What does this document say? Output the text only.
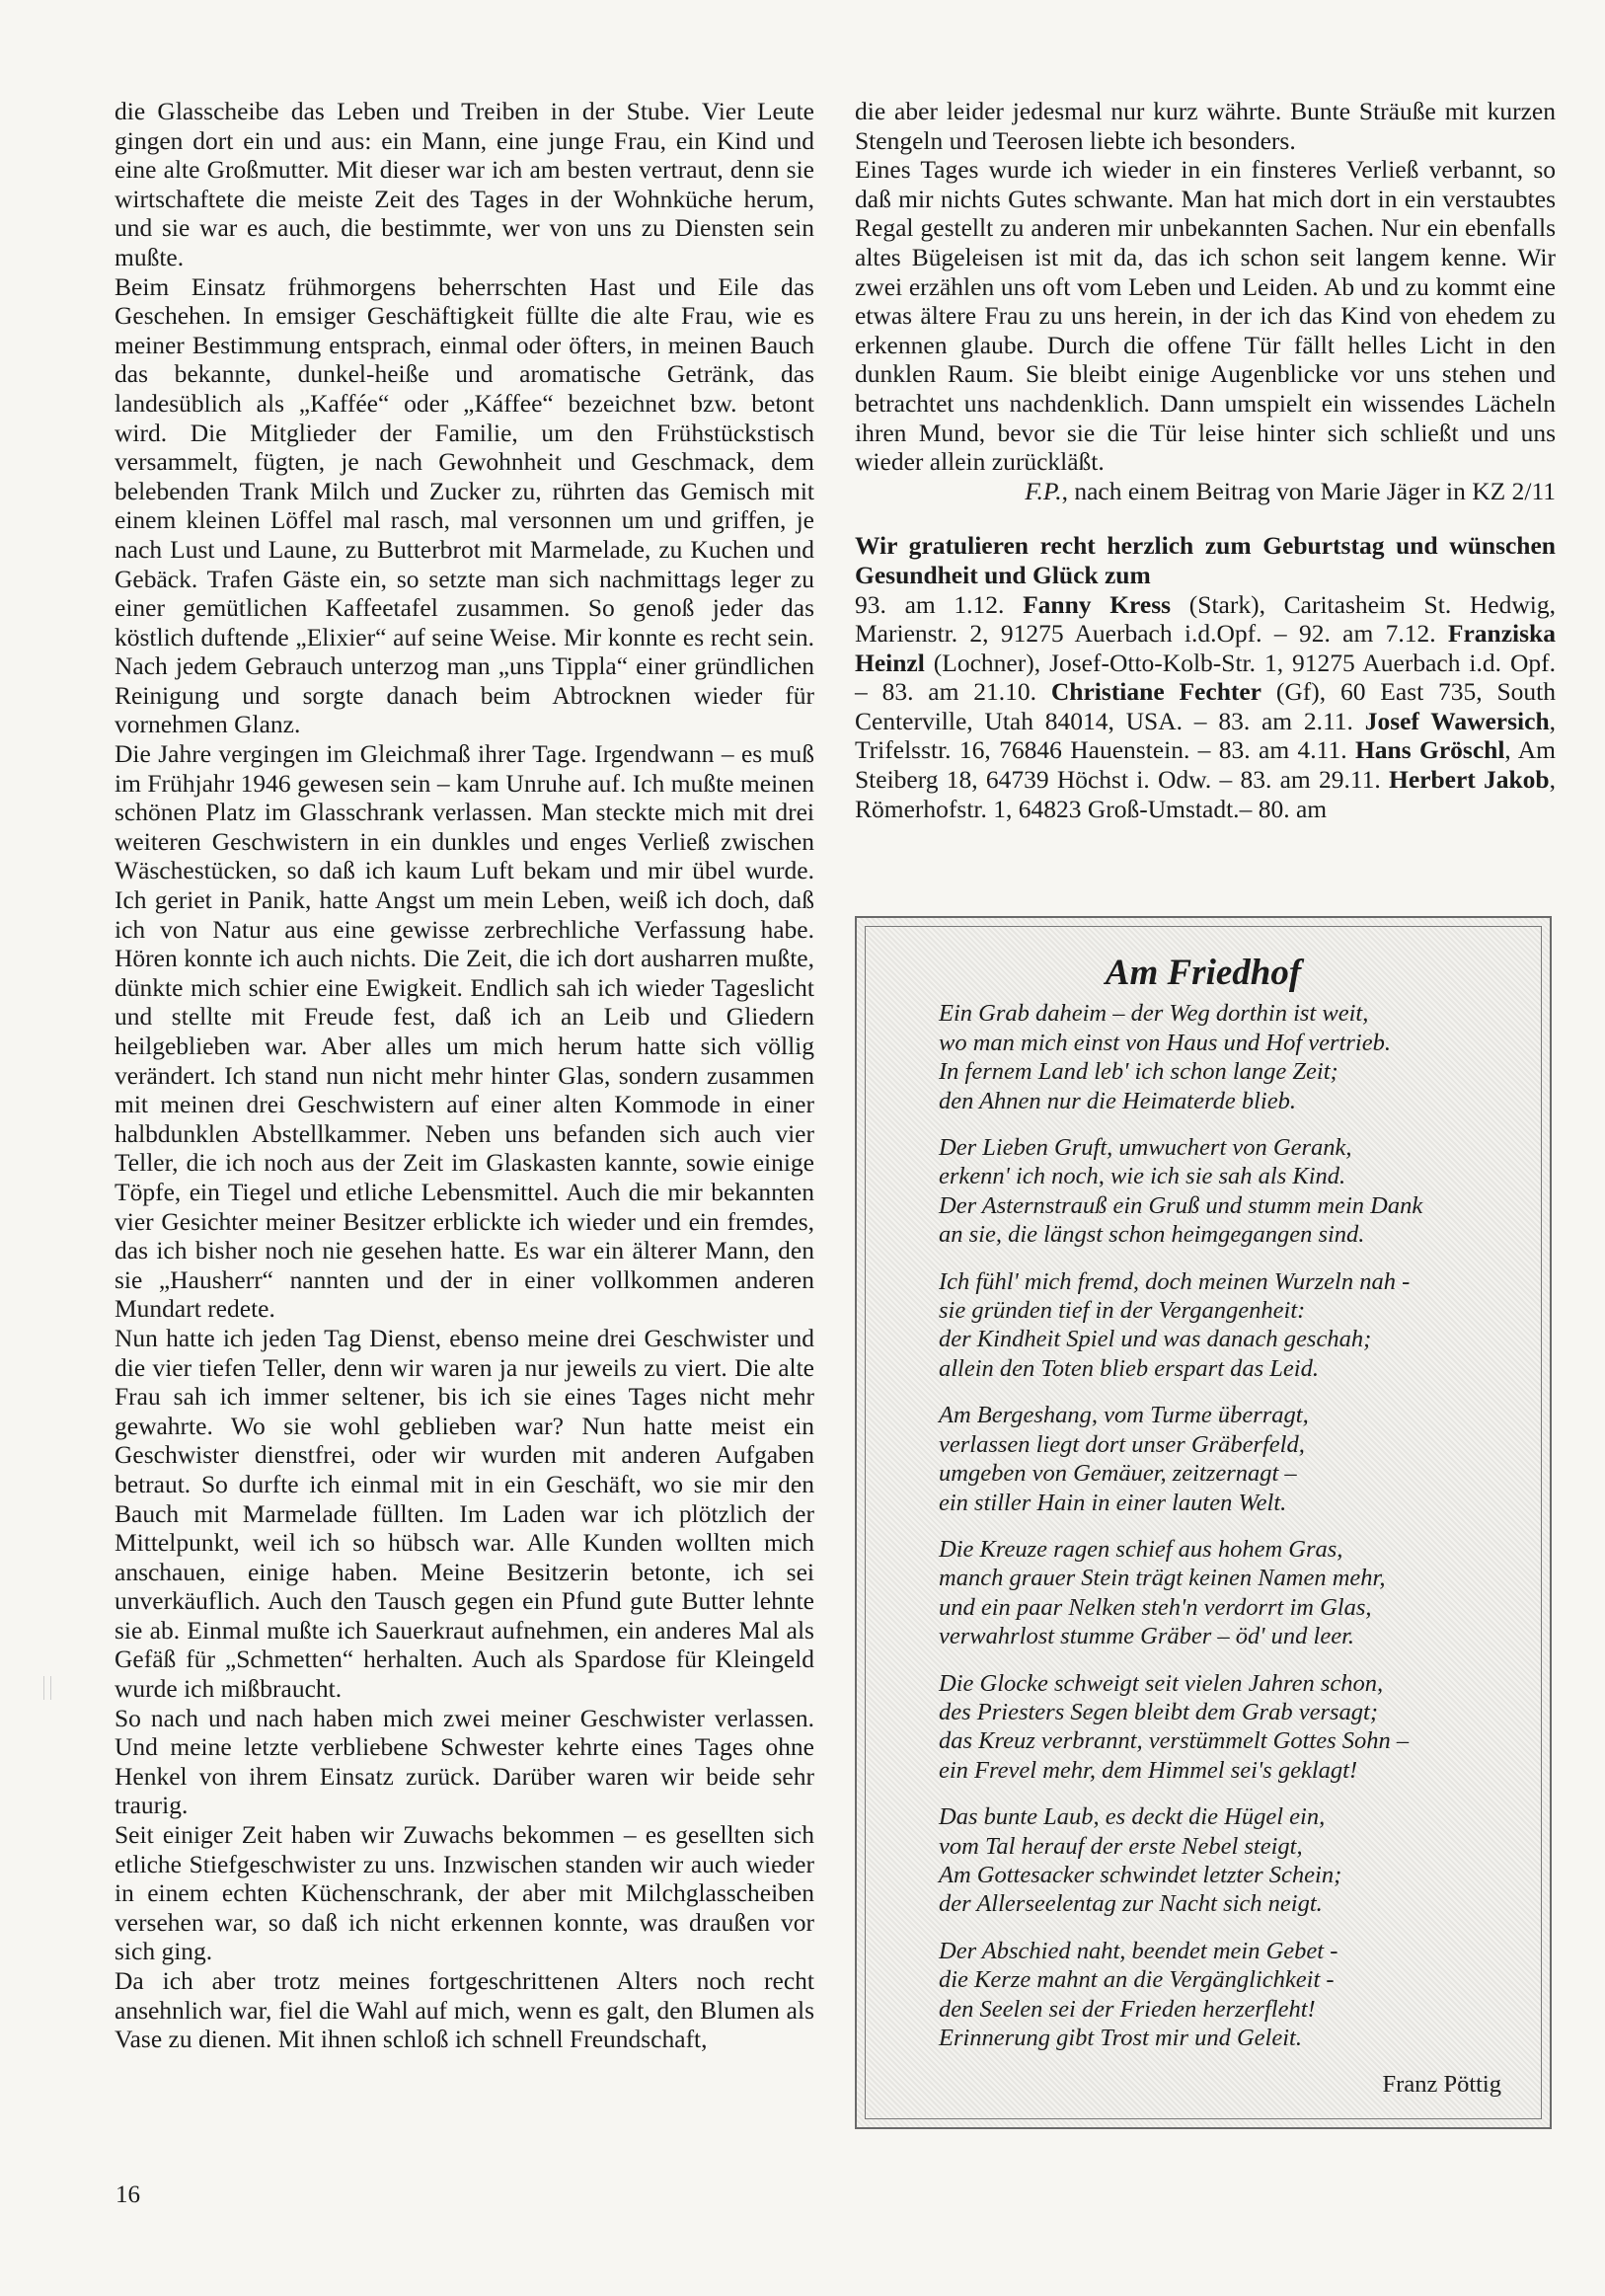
die Glasscheibe das Leben und Treiben in der Stube. Vier Leute gingen dort ein und aus: ein Mann, eine junge Frau, ein Kind und eine alte Großmutter. Mit dieser war ich am besten vertraut, denn sie wirtschaftete die meiste Zeit des Tages in der Wohnküche herum, und sie war es auch, die bestimmte, wer von uns zu Diensten sein mußte.

Beim Einsatz frühmorgens beherrschten Hast und Eile das Geschehen. In emsiger Geschäftigkeit füllte die alte Frau, wie es meiner Bestimmung entsprach, einmal oder öfters, in meinen Bauch das bekannte, dunkel-heiße und aromatische Getränk, das landesüblich als „Kaffée“ oder „Káffee“ bezeichnet bzw. betont wird. Die Mitglieder der Familie, um den Frühstückstisch versammelt, fügten, je nach Gewohnheit und Geschmack, dem belebenden Trank Milch und Zucker zu, rührten das Gemisch mit einem kleinen Löffel mal rasch, mal versonnen um und griffen, je nach Lust und Laune, zu Butterbrot mit Marmelade, zu Kuchen und Gebäck. Trafen Gäste ein, so setzte man sich nachmittags leger zu einer gemütlichen Kaffeetafel zusammen. So genoß jeder das köstlich duftende „Elixier“ auf seine Weise. Mir konnte es recht sein. Nach jedem Gebrauch unterzog man „uns Tippla“ einer gründlichen Reinigung und sorgte danach beim Abtrocknen wieder für vornehmen Glanz.

Die Jahre vergingen im Gleichmaß ihrer Tage. Irgendwann – es muß im Frühjahr 1946 gewesen sein – kam Unruhe auf. Ich mußte meinen schönen Platz im Glasschrank verlassen. Man steckte mich mit drei weiteren Geschwistern in ein dunkles und enges Verließ zwischen Wäschestücken, so daß ich kaum Luft bekam und mir übel wurde. Ich geriet in Panik, hatte Angst um mein Leben, weiß ich doch, daß ich von Natur aus eine gewisse zerbrechliche Verfassung habe. Hören konnte ich auch nichts. Die Zeit, die ich dort ausharren mußte, dünkte mich schier eine Ewigkeit. Endlich sah ich wieder Tageslicht und stellte mit Freude fest, daß ich an Leib und Gliedern heilgeblieben war. Aber alles um mich herum hatte sich völlig verändert. Ich stand nun nicht mehr hinter Glas, sondern zusammen mit meinen drei Geschwistern auf einer alten Kommode in einer halbdunklen Abstellkammer. Neben uns befanden sich auch vier Teller, die ich noch aus der Zeit im Glaskasten kannte, sowie einige Töpfe, ein Tiegel und etliche Lebensmittel. Auch die mir bekannten vier Gesichter meiner Besitzer erblickte ich wieder und ein fremdes, das ich bisher noch nie gesehen hatte. Es war ein älterer Mann, den sie „Hausherr“ nannten und der in einer vollkommen anderen Mundart redete.

Nun hatte ich jeden Tag Dienst, ebenso meine drei Geschwister und die vier tiefen Teller, denn wir waren ja nur jeweils zu viert. Die alte Frau sah ich immer seltener, bis ich sie eines Tages nicht mehr gewahrte. Wo sie wohl geblieben war? Nun hatte meist ein Geschwister dienstfrei, oder wir wurden mit anderen Aufgaben betraut. So durfte ich einmal mit in ein Geschäft, wo sie mir den Bauch mit Marmelade füllten. Im Laden war ich plötzlich der Mittelpunkt, weil ich so hübsch war. Alle Kunden wollten mich anschauen, einige haben. Meine Besitzerin betonte, ich sei unverkäuflich. Auch den Tausch gegen ein Pfund gute Butter lehnte sie ab. Einmal mußte ich Sauerkraut aufnehmen, ein anderes Mal als Gefäß für „Schmetten“ herhalten. Auch als Spardose für Kleingeld wurde ich mißbraucht.

So nach und nach haben mich zwei meiner Geschwister verlassen. Und meine letzte verbliebene Schwester kehrte eines Tages ohne Henkel von ihrem Einsatz zurück. Darüber waren wir beide sehr traurig.

Seit einiger Zeit haben wir Zuwachs bekommen – es gesellten sich etliche Stiefgeschwister zu uns. Inzwischen standen wir auch wieder in einem echten Küchenschrank, der aber mit Milchglasscheiben versehen war, so daß ich nicht erkennen konnte, was draußen vor sich ging.

Da ich aber trotz meines fortgeschrittenen Alters noch recht ansehnlich war, fiel die Wahl auf mich, wenn es galt, den Blumen als Vase zu dienen. Mit ihnen schloß ich schnell Freundschaft,

die aber leider jedesmal nur kurz währte. Bunte Sträuße mit kurzen Stengeln und Teerosen liebte ich besonders.

Eines Tages wurde ich wieder in ein finsteres Verließ verbannt, so daß mir nichts Gutes schwante. Man hat mich dort in ein verstaubtes Regal gestellt zu anderen mir unbekannten Sachen. Nur ein ebenfalls altes Bügeleisen ist mit da, das ich schon seit langem kenne. Wir zwei erzählen uns oft vom Leben und Leiden. Ab und zu kommt eine etwas ältere Frau zu uns herein, in der ich das Kind von ehedem zu erkennen glaube. Durch die offene Tür fällt helles Licht in den dunklen Raum. Sie bleibt einige Augenblicke vor uns stehen und betrachtet uns nachdenklich. Dann umspielt ein wissendes Lächeln ihren Mund, bevor sie die Tür leise hinter sich schließt und uns wieder allein zurückläßt.

F.P., nach einem Beitrag von Marie Jäger in KZ 2/11

Wir gratulieren recht herzlich zum Geburtstag und wünschen Gesundheit und Glück zum

93. am 1.12. Fanny Kress (Stark), Caritasheim St. Hedwig, Marienstr. 2, 91275 Auerbach i.d.Opf. – 92. am 7.12. Franziska Heinzl (Lochner), Josef-Otto-Kolb-Str. 1, 91275 Auerbach i.d. Opf. – 83. am 21.10. Christiane Fechter (Gf), 60 East 735, South Centerville, Utah 84014, USA. – 83. am 2.11. Josef Wawersich, Trifelsstr. 16, 76846 Hauenstein. – 83. am 4.11. Hans Gröschl, Am Steiberg 18, 64739 Höchst i. Odw. – 83. am 29.11. Herbert Jakob, Römerhofstr. 1, 64823 Groß-Umstadt.– 80. am

Am Friedhof
Ein Grab daheim – der Weg dorthin ist weit,
wo man mich einst von Haus und Hof vertrieb.
In fernem Land leb' ich schon lange Zeit;
den Ahnen nur die Heimaterde blieb.
Der Lieben Gruft, umwuchert von Gerank,
erkenn' ich noch, wie ich sie sah als Kind.
Der Asternstrauß ein Gruß und stumm mein Dank
an sie, die längst schon heimgegangen sind.
Ich fühl' mich fremd, doch meinen Wurzeln nah -
sie gründen tief in der Vergangenheit:
der Kindheit Spiel und was danach geschah;
allein den Toten blieb erspart das Leid.
Am Bergeshang, vom Turme überragt,
verlassen liegt dort unser Gräberfeld,
umgeben von Gemäuer, zeitzernagt –
ein stiller Hain in einer lauten Welt.
Die Kreuze ragen schief aus hohem Gras,
manch grauer Stein trägt keinen Namen mehr,
und ein paar Nelken steh'n verdorrt im Glas,
verwahrlost stumme Gräber – öd' und leer.
Die Glocke schweigt seit vielen Jahren schon,
des Priesters Segen bleibt dem Grab versagt;
das Kreuz verbrannt, verstümmelt Gottes Sohn –
ein Frevel mehr, dem Himmel sei's geklagt!
Das bunte Laub, es deckt die Hügel ein,
vom Tal herauf der erste Nebel steigt,
Am Gottesacker schwindet letzter Schein;
der Allerseelentag zur Nacht sich neigt.
Der Abschied naht, beendet mein Gebet -
die Kerze mahnt an die Vergänglichkeit -
den Seelen sei der Frieden herzerfleht!
Erinnerung gibt Trost mir und Geleit.
Franz Pöttig
16
